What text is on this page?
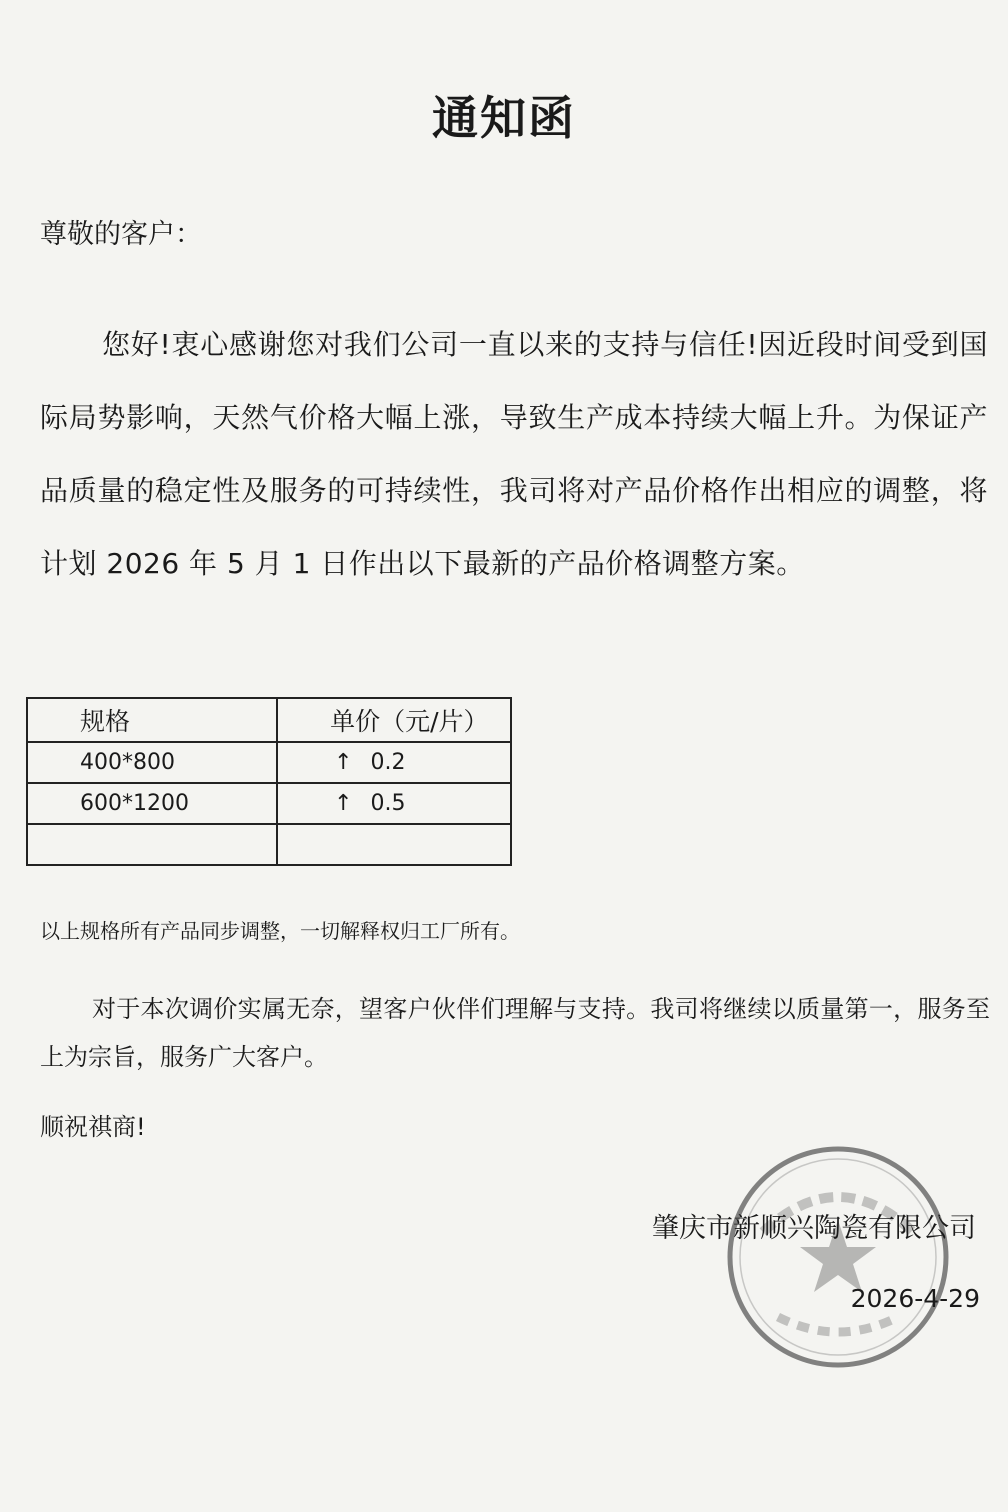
通知函
尊敬的客户：
您好!衷心感谢您对我们公司一直以来的支持与信任!因近段时间受到国际局势影响，天然气价格大幅上涨，导致生产成本持续大幅上升。为保证产品质量的稳定性及服务的可持续性，我司将对产品价格作出相应的调整，将计划 2026 年 5 月 1 日作出以下最新的产品价格调整方案。
规格	单价（元/片）
400*800	↑ 0.2
600*1200	↑ 0.5

以上规格所有产品同步调整，一切解释权归工厂所有。
对于本次调价实属无奈，望客户伙伴们理解与支持。我司将继续以质量第一，服务至上为宗旨，服务广大客户。
顺祝祺商!
肇庆市新顺兴陶瓷有限公司
2026-4-29
